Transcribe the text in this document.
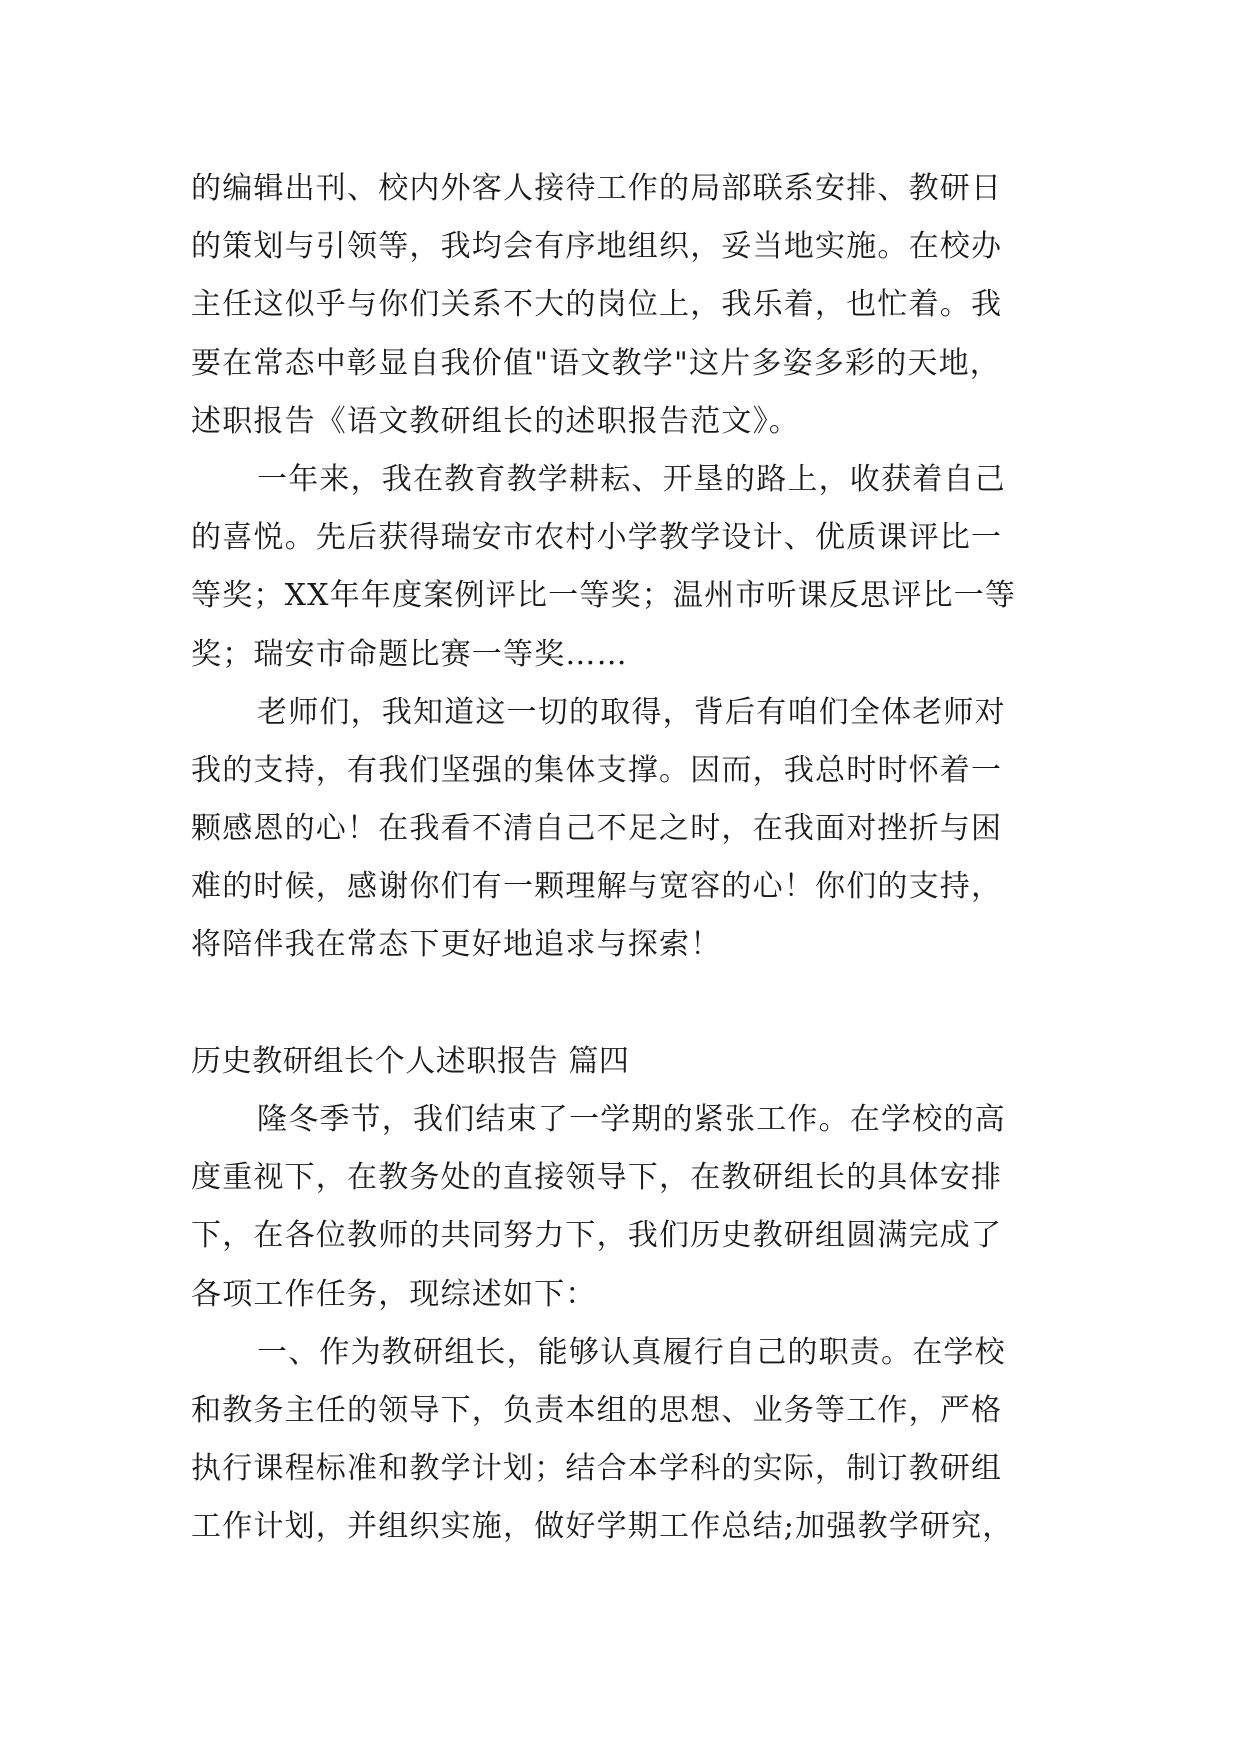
的编辑出刊、校内外客人接待工作的局部联系安排、教研日
的策划与引领等，我均会有序地组织，妥当地实施。在校办
主任这似乎与你们关系不大的岗位上，我乐着，也忙着。我
要在常态中彰显自我价值"语文教学"这片多姿多彩的天地，
述职报告《语文教研组长的述职报告范文》。
一年来，我在教育教学耕耘、开垦的路上，收获着自己
的喜悦。先后获得瑞安市农村小学教学设计、优质课评比一
等奖；XX年年度案例评比一等奖；温州市听课反思评比一等
奖；瑞安市命题比赛一等奖……
老师们，我知道这一切的取得，背后有咱们全体老师对
我的支持，有我们坚强的集体支撑。因而，我总时时怀着一
颗感恩的心！在我看不清自己不足之时，在我面对挫折与困
难的时候，感谢你们有一颗理解与宽容的心！你们的支持，
将陪伴我在常态下更好地追求与探索！
历史教研组长个人述职报告 篇四
隆冬季节，我们结束了一学期的紧张工作。在学校的高
度重视下，在教务处的直接领导下，在教研组长的具体安排
下，在各位教师的共同努力下，我们历史教研组圆满完成了
各项工作任务，现综述如下：
一、作为教研组长，能够认真履行自己的职责。在学校
和教务主任的领导下，负责本组的思想、业务等工作，严格
执行课程标准和教学计划；结合本学科的实际，制订教研组
工作计划，并组织实施，做好学期工作总结;加强教学研究，
